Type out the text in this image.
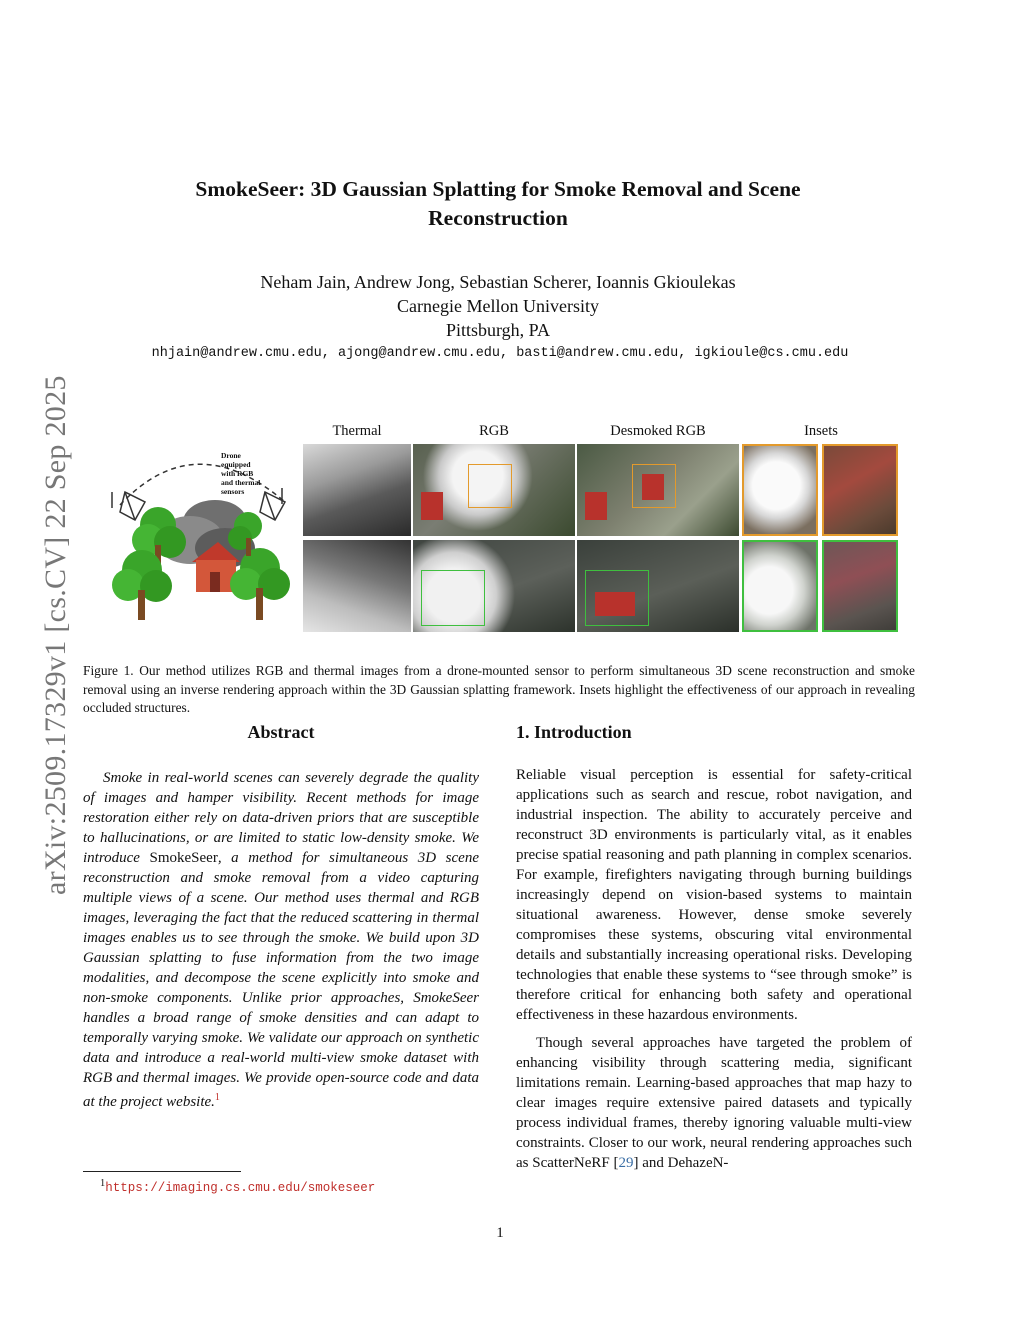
arXiv:2509.17329v1 [cs.CV] 22 Sep 2025
SmokeSeer: 3D Gaussian Splatting for Smoke Removal and Scene
Reconstruction
Neham Jain, Andrew Jong, Sebastian Scherer, Ioannis Gkioulekas
Carnegie Mellon University
Pittsburgh, PA
nhjain@andrew.cmu.edu, ajong@andrew.cmu.edu, basti@andrew.cmu.edu, igkioule@cs.cmu.edu
Drone
equipped
with RGB
and thermal
sensors
Thermal	RGB	Desmoked RGB	Insets
Figure 1. Our method utilizes RGB and thermal images from a drone-mounted sensor to perform simultaneous 3D scene reconstruction and smoke removal using an inverse rendering approach within the 3D Gaussian splatting framework. Insets highlight the effectiveness of our approach in revealing occluded structures.
Abstract	1. Introduction
Smoke in real-world scenes can severely degrade the quality of images and hamper visibility. Recent methods for image restoration either rely on data-driven priors that are susceptible to hallucinations, or are limited to static low-density smoke. We introduce SmokeSeer, a method for simultaneous 3D scene reconstruction and smoke removal from a video capturing multiple views of a scene. Our method uses thermal and RGB images, leveraging the fact that the reduced scattering in thermal images enables us to see through the smoke. We build upon 3D Gaussian splatting to fuse information from the two image modalities, and decompose the scene explicitly into smoke and non-smoke components. Unlike prior approaches, SmokeSeer handles a broad range of smoke densities and can adapt to temporally varying smoke. We validate our approach on synthetic data and introduce a real-world multi-view smoke dataset with RGB and thermal images. We provide open-source code and data at the project website.$^1$

Reliable visual perception is essential for safety-critical applications such as search and rescue, robot navigation, and industrial inspection. The ability to accurately perceive and reconstruct 3D environments is particularly vital, as it enables precise spatial reasoning and path planning in complex scenarios. For example, firefighters navigating through burning buildings increasingly depend on vision-based systems to maintain situational awareness. However, dense smoke severely compromises these systems, obscuring vital environmental details and substantially increasing operational risks. Developing technologies that enable these systems to “see through smoke” is therefore critical for enhancing both safety and operational effectiveness in these hazardous environments.

Though several approaches have targeted the problem of enhancing visibility through scattering media, significant limitations remain. Learning-based approaches that map hazy to clear images require extensive paired datasets and typically process individual frames, thereby ignoring valuable multi-view constraints. Closer to our work, neural rendering approaches such as ScatterNeRF [29] and DehazeN-

$^1$https://imaging.cs.cmu.edu/smokeseer
1
